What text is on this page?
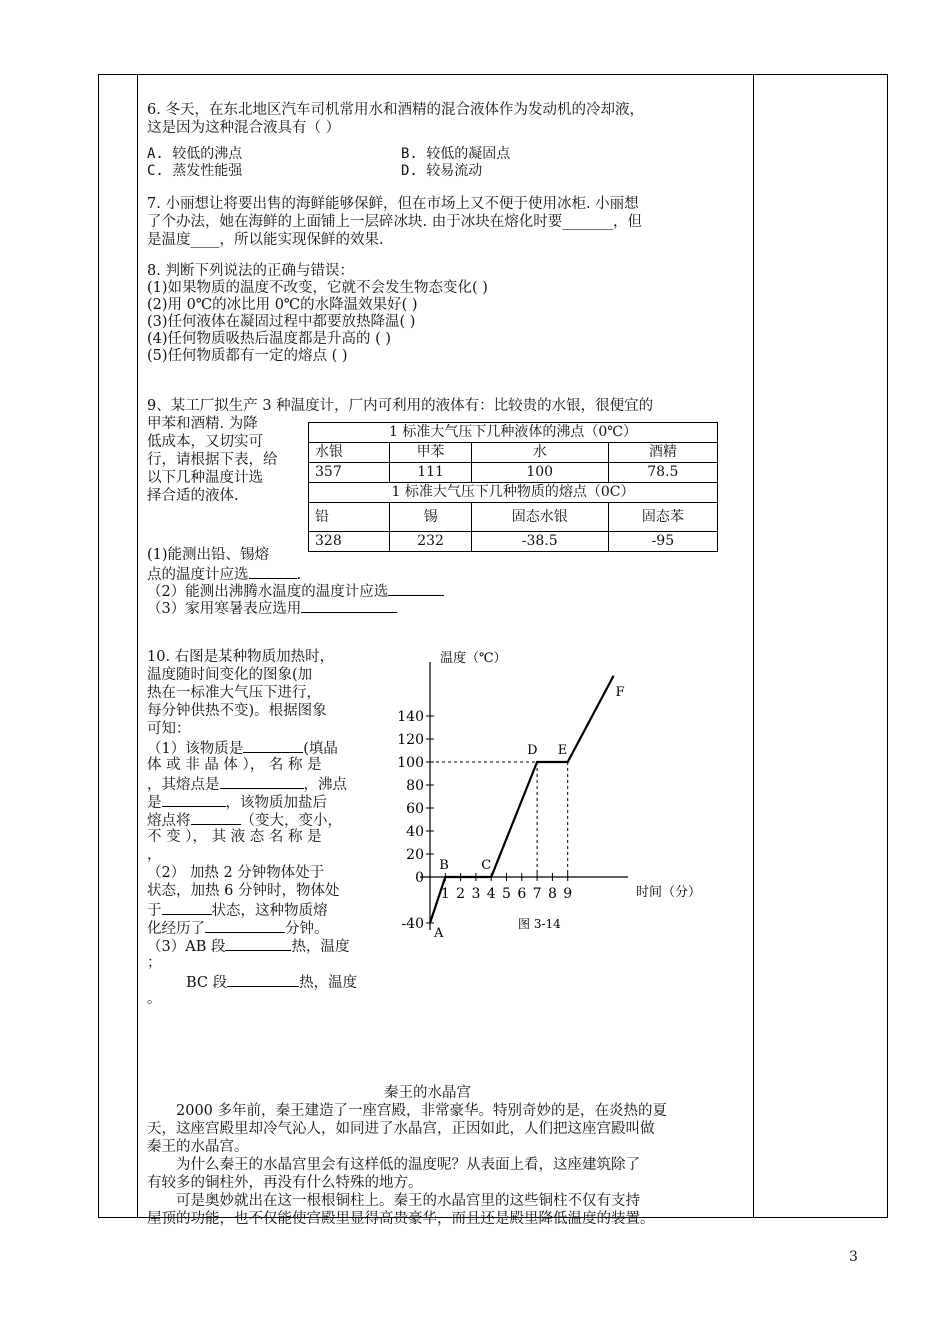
6. 冬天，在东北地区汽车司机常用水和酒精的混合液体作为发动机的冷却液，
这是因为这种混合液具有（ ）
A. 较低的沸点	B. 较低的凝固点
C. 蒸发性能强	D. 较易流动
7. 小丽想让将要出售的海鲜能够保鲜，但在市场上又不便于使用冰柜. 小丽想
了个办法，她在海鲜的上面铺上一层碎冰块. 由于冰块在熔化时要_______，但
是温度____，所以能实现保鲜的效果.
8. 判断下列说法的正确与错误：
(1)如果物质的温度不改变，它就不会发生物态变化( )
(2)用 0℃的冰比用 0℃的水降温效果好( )
(3)任何液体在凝固过程中都要放热降温( )
(4)任何物质吸热后温度都是升高的 ( )
(5)任何物质都有一定的熔点 ( )
9、某工厂拟生产 3 种温度计，厂内可利用的液体有：比较贵的水银，很便宜的
甲苯和酒精. 为降
低成本，又切实可
行，请根据下表，给
以下几种温度计选
择合适的液体.
1 标准大气压下几种液体的沸点（0℃）			
水银	甲苯	水	酒精
357	111	100	78.5
1 标准大气压下几种物质的熔点（0C）			
铅	锡	固态水银	固态苯
328	232	-38.5	-95
(1)能测出铅、锡熔
点的温度计应选	.
（2）能测出沸腾水温度的温度计应选
（3）家用寒暑表应选用
10. 右图是某种物质加热时，
温度随时间变化的图象(加
热在一标准大气压下进行，
每分钟供热不变)。根据图象
可知：
（1）该物质是	(填晶
体 或 非 晶 体 ）， 名 称 是
，其熔点是	，沸点
是	，该物质加盐后
熔点将	（变大，变小，
不 变 ）， 其 液 态 名 称 是
，
（2） 加热 2 分钟物体处于
状态，加热 6 分钟时，物体处
于	状态，这种物质熔
化经历了	分钟。
（3）AB 段	热，温度
；
BC 段	热，温度
。
-40
0
20
40
60
80
100
120
140
1 2 3 4 5 6 7 8 9
温度（℃）
时间（分）
图 3-14
A
B C
D E
F
秦王的水晶宫
　　2000 多年前，秦王建造了一座宫殿，非常豪华。特别奇妙的是，在炎热的夏
天，这座宫殿里却冷气沁人，如同进了水晶宫，正因如此，人们把这座宫殿叫做
秦王的水晶宫。
　　为什么秦王的水晶宫里会有这样低的温度呢？从表面上看，这座建筑除了
有较多的铜柱外，再没有什么特殊的地方。
　　可是奥妙就出在这一根根铜柱上。秦王的水晶宫里的这些铜柱不仅有支持
屋顶的功能，也不仅能使宫殿里显得高贵豪华，而且还是殿里降低温度的装置。
3
